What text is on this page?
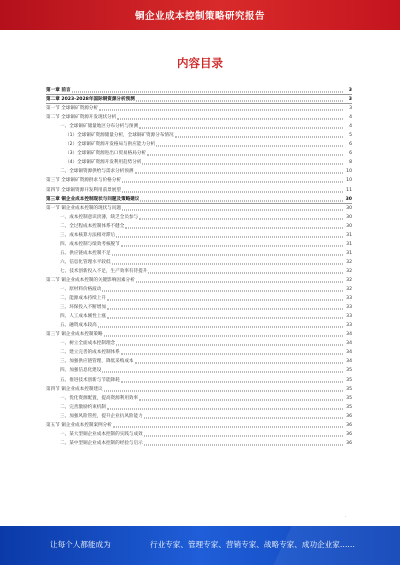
铜企业成本控制策略研究报告
内容目录
第一章 前言	3
第二章 2023-2028年国际铜资源分析预测	3
第一节 全球铜矿资源分析	3
第二节 全球铜矿资源开发现状分析	4
一、全球铜矿储量地区分布分析与预测	4
（1）全球铜矿资源储量分析，全球铜矿资源分布情况	5
（2）全球铜矿资源开发格局与供应能力分析	6
（3）全球铜矿资源进出口贸易格局分析	6
（4）全球铜矿资源开发利用趋势分析	8
二、全球铜资源供给与需求分析预测	10
第三节 全球铜矿资源供求与价格分析	10
第四节 全球铜资源开发利用前景展望	11
第三章 铜企业成本控制现状与问题及策略建议	30
第一节 铜企业成本控制的现状与问题	30
一、成本控制意识淡薄，缺乏全员参与	30
二、全过程成本控制体系不健全	30
三、成本核算方法相对滞后	31
四、成本控制与绩效考核脱节	31
五、供应链成本控制不足	31
六、信息化管理水平较低	32
七、技术创新投入不足，生产效率有待提升	32
第二节 铜企业成本控制的关键影响因素分析	32
一、原材料价格波动	32
二、能源成本持续上升	33
三、环保投入不断增加	33
四、人工成本刚性上涨	33
五、融资成本较高	33
第三节 铜企业成本控制策略	34
一、树立全面成本控制理念	34
二、建立完善的成本控制体系	34
三、加强供应链管理，降低采购成本	34
四、加强信息化建设	35
五、推进技术创新与节能降耗	35
第四节 铜企业成本控制建议	35
一、优化资源配置，提高资源利用效率	35
二、完善激励约束机制	35
三、加强风险管控，提升企业抗风险能力	36
第五节 铜企业成本控制案例分析	36
一、某大型铜企业成本控制的实践与成效	36
二、某中型铜企业成本控制的经验与启示	36
·
让每个人都能成为	行业专家、管理专家、营销专家、战略专家、成功企业家……
